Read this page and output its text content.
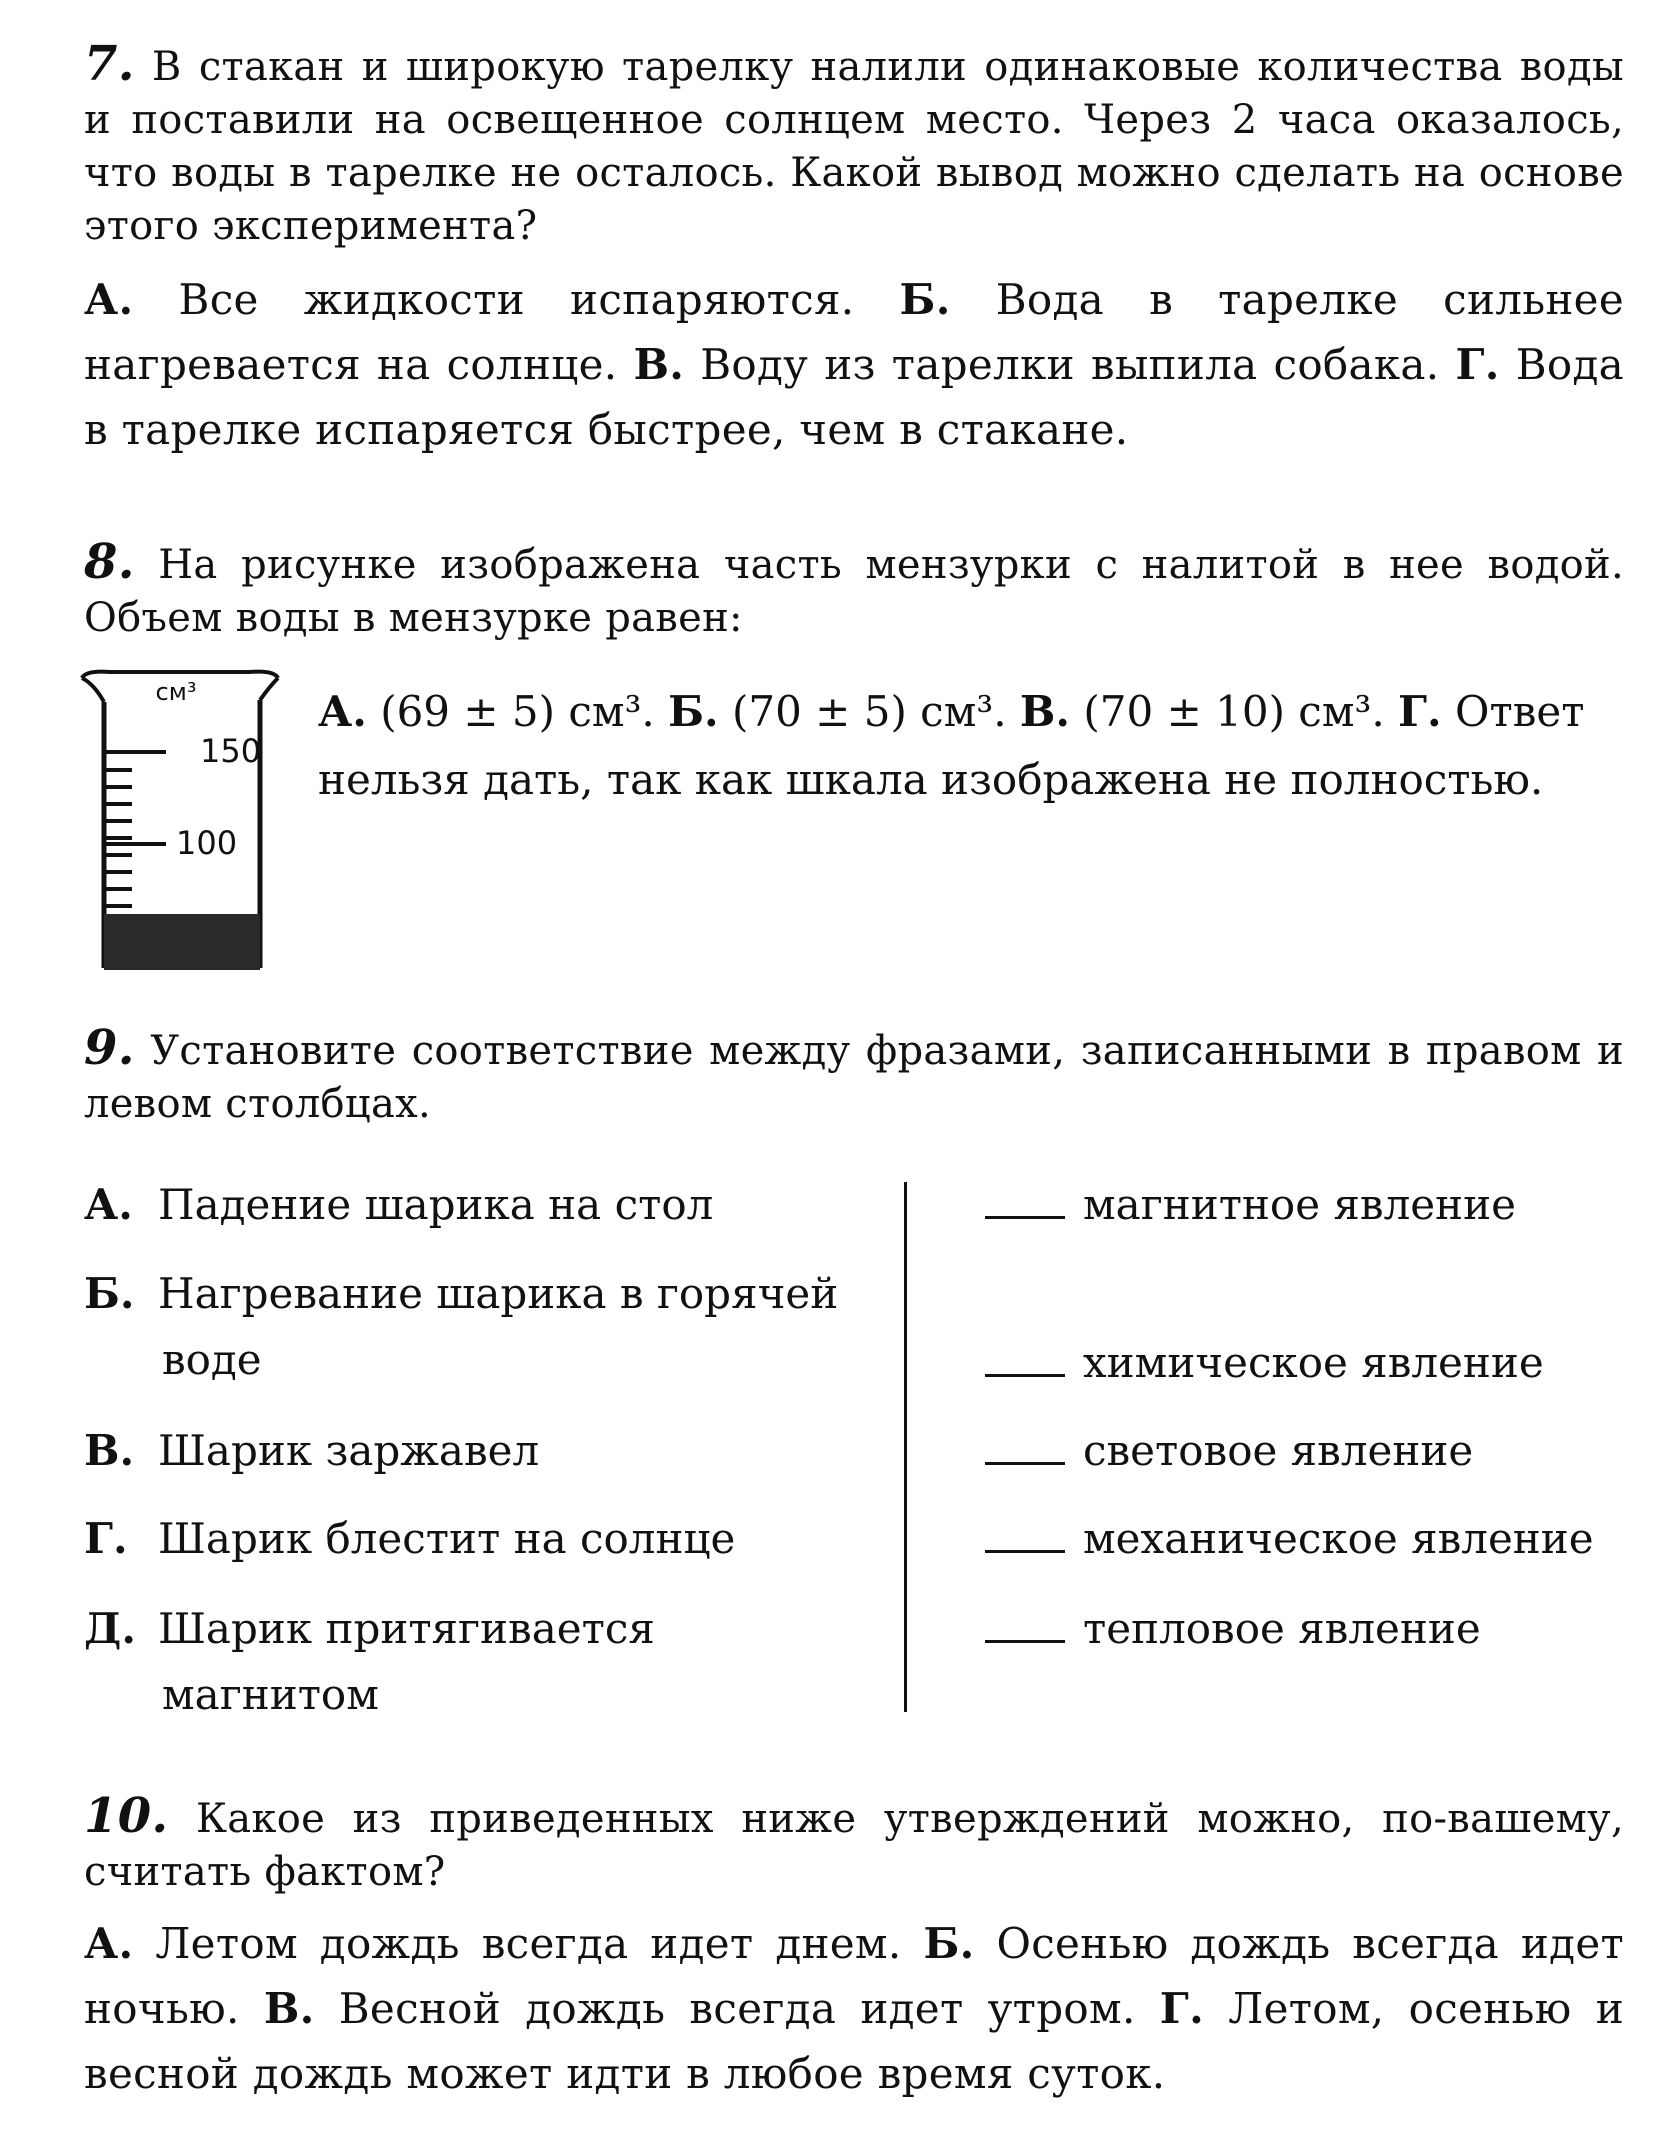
7. В стакан и широкую тарелку налили одинаковые количества воды и поставили на освещенное солнцем место. Через 2 часа оказалось, что воды в тарелке не осталось. Какой вывод можно сделать на основе этого эксперимента?
А. Все жидкости испаряются. Б. Вода в тарелке сильнее нагревается на солнце. В. Воду из тарелки выпила собака. Г. Вода в тарелке испаряется быстрее, чем в стакане.
8. На рисунке изображена часть мензурки с налитой в нее водой. Объем воды в мензурке равен:
см³
150
100
А. (69 ± 5) см³. Б. (70 ± 5) см³. В. (70 ± 10) см³. Г. Ответ нельзя дать, так как шкала изображена не полностью.
9. Установите соответствие между фразами, записанными в правом и левом столбцах.
А. Падение шарика на стол
Б. Нагревание шарика в горячей
воде
В. Шарик заржавел
Г. Шарик блестит на солнце
Д. Шарик притягивается
магнитом
магнитное явление
химическое явление
световое явление
механическое явление
тепловое явление
10. Какое из приведенных ниже утверждений можно, по-вашему, считать фактом?
А. Летом дождь всегда идет днем. Б. Осенью дождь всегда идет ночью. В. Весной дождь всегда идет утром. Г. Летом, осенью и весной дождь может идти в любое время суток.
